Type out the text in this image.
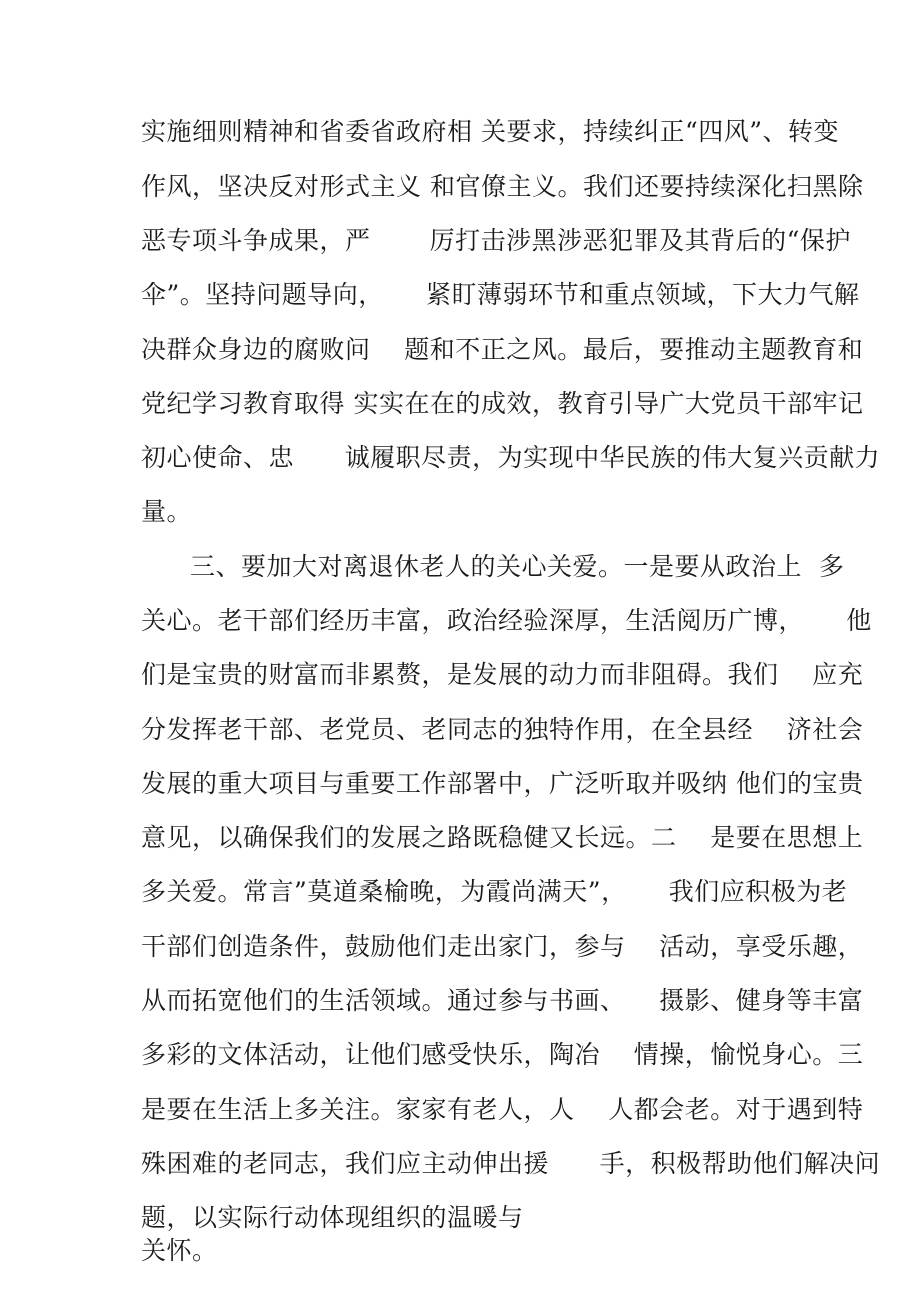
实施细则精神和省委省政府相 关要求，持续纠正“四风”、转变
作风，坚决反对形式主义 和官僚主义。我们还要持续深化扫黑除
恶专项斗争成果，严       厉打击涉黑涉恶犯罪及其背后的“保护
伞”。坚持问题导向，     紧盯薄弱环节和重点领域，下大力气解
决群众身边的腐败问    题和不正之风。最后，要推动主题教育和
党纪学习教育取得 实实在在的成效，教育引导广大党员干部牢记
初心使命、忠      诚履职尽责，为实现中华民族的伟大复兴贡献力
量。
三、要加大对离退休老人的关心关爱。一是要从政治上  多
关心。老干部们经历丰富，政治经验深厚，生活阅历广博，     他
们是宝贵的财富而非累赘，是发展的动力而非阻碍。我们    应充
分发挥老干部、老党员、老同志的独特作用，在全县经    济社会
发展的重大项目与重要工作部署中，广泛听取并吸纳 他们的宝贵
意见，以确保我们的发展之路既稳健又长远。二    是要在思想上
多关爱。常言”莫道桑榆晚，为霞尚满天”，     我们应积极为老
干部们创造条件，鼓励他们走出家门，参与    活动，享受乐趣，
从而拓宽他们的生活领域。通过参与书画、    摄影、健身等丰富
多彩的文体活动，让他们感受快乐，陶冶    情操，愉悦身心。三
是要在生活上多关注。家家有老人，人    人都会老。对于遇到特
殊困难的老同志，我们应主动伸出援      手，积极帮助他们解决问
题，以实际行动体现组织的温暖与
关怀。
